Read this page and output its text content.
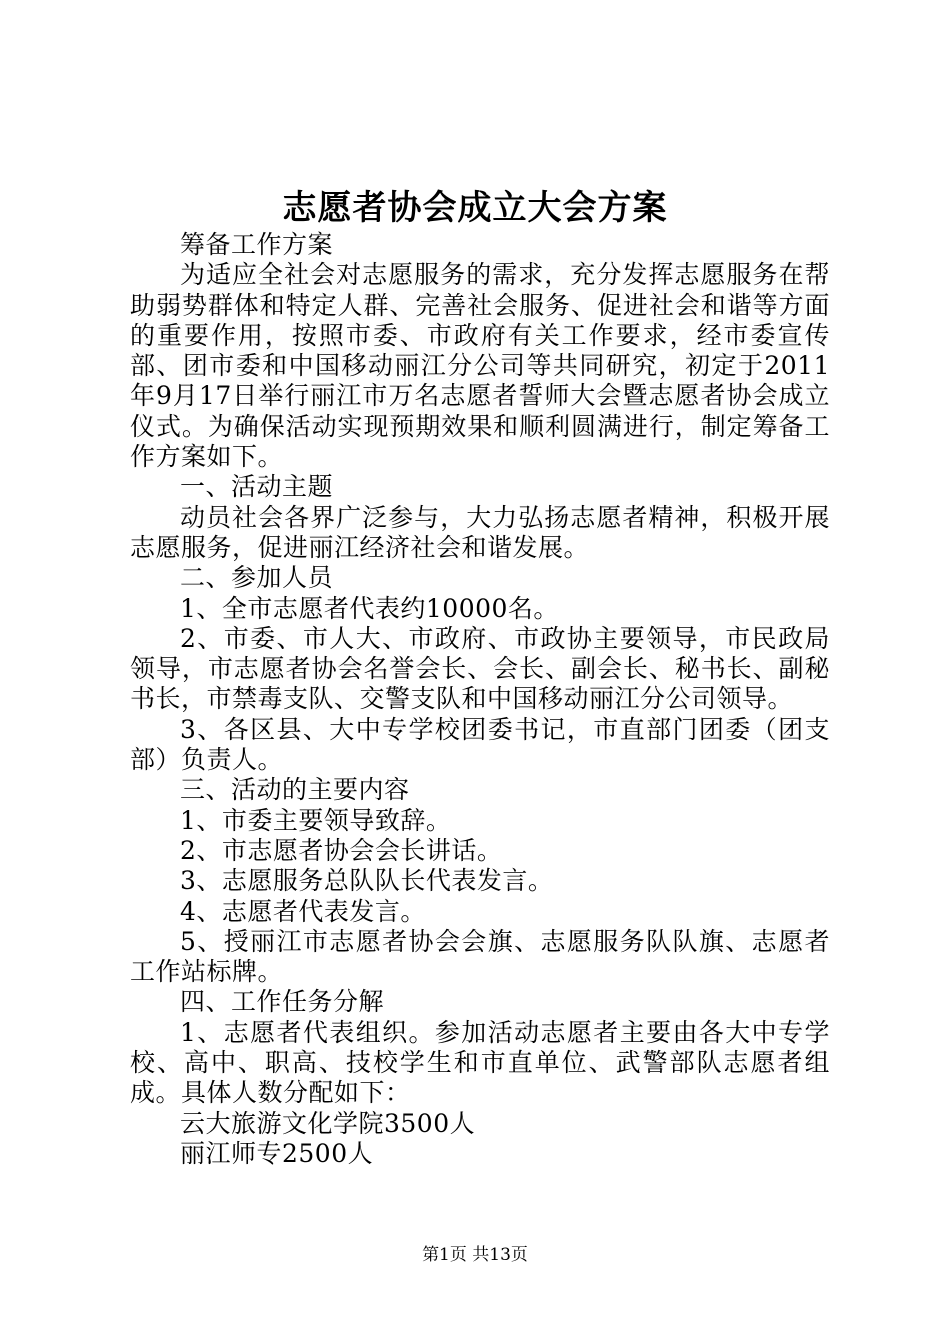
志愿者协会成立大会方案

筹备工作方案

为适应全社会对志愿服务的需求，充分发挥志愿服务在帮助弱势群体和特定人群、完善社会服务、促进社会和谐等方面的重要作用，按照市委、市政府有关工作要求，经市委宣传部、团市委和中国移动丽江分公司等共同研究，初定于2011年9月17日举行丽江市万名志愿者誓师大会暨志愿者协会成立仪式。为确保活动实现预期效果和顺利圆满进行，制定筹备工作方案如下。

一、活动主题

动员社会各界广泛参与，大力弘扬志愿者精神，积极开展志愿服务，促进丽江经济社会和谐发展。

二、参加人员

1、全市志愿者代表约10000名。

2、市委、市人大、市政府、市政协主要领导，市民政局领导，市志愿者协会名誉会长、会长、副会长、秘书长、副秘书长，市禁毒支队、交警支队和中国移动丽江分公司领导。

3、各区县、大中专学校团委书记，市直部门团委（团支部）负责人。

三、活动的主要内容

1、市委主要领导致辞。

2、市志愿者协会会长讲话。

3、志愿服务总队队长代表发言。

4、志愿者代表发言。

5、授丽江市志愿者协会会旗、志愿服务队队旗、志愿者工作站标牌。

四、工作任务分解

1、志愿者代表组织。参加活动志愿者主要由各大中专学校、高中、职高、技校学生和市直单位、武警部队志愿者组成。具体人数分配如下：

云大旅游文化学院3500人

丽江师专2500人

第1页 共13页
